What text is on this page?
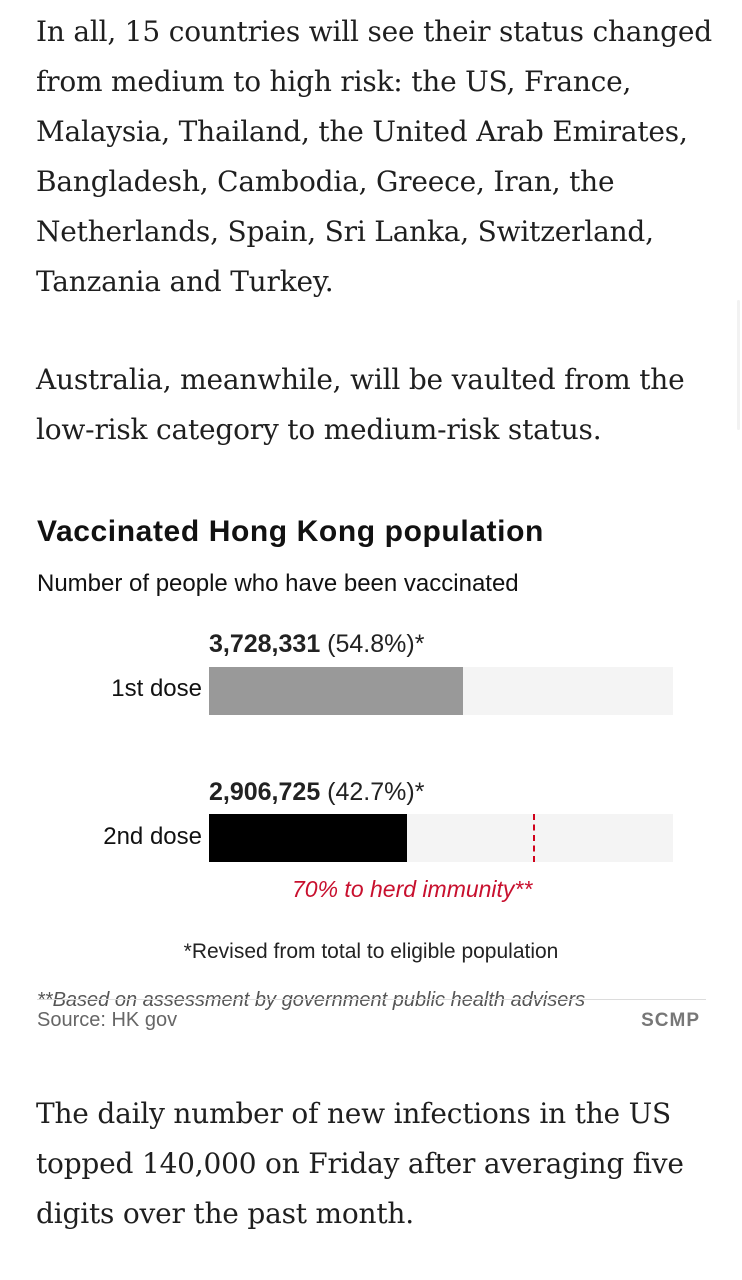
In all, 15 countries will see their status changed from medium to high risk: the US, France, Malaysia, Thailand, the United Arab Emirates, Bangladesh, Cambodia, Greece, Iran, the Netherlands, Spain, Sri Lanka, Switzerland, Tanzania and Turkey.

Australia, meanwhile, will be vaulted from the low-risk category to medium-risk status.

Vaccinated Hong Kong population
Number of people who have been vaccinated
3,728,331 (54.8%)*
1st dose
2,906,725 (42.7%)*
2nd dose
70% to herd immunity**
*Revised from total to eligible population
**Based on assessment by government public health advisers
Source: HK gov	SCMP

The daily number of new infections in the US topped 140,000 on Friday after averaging five digits over the past month.
